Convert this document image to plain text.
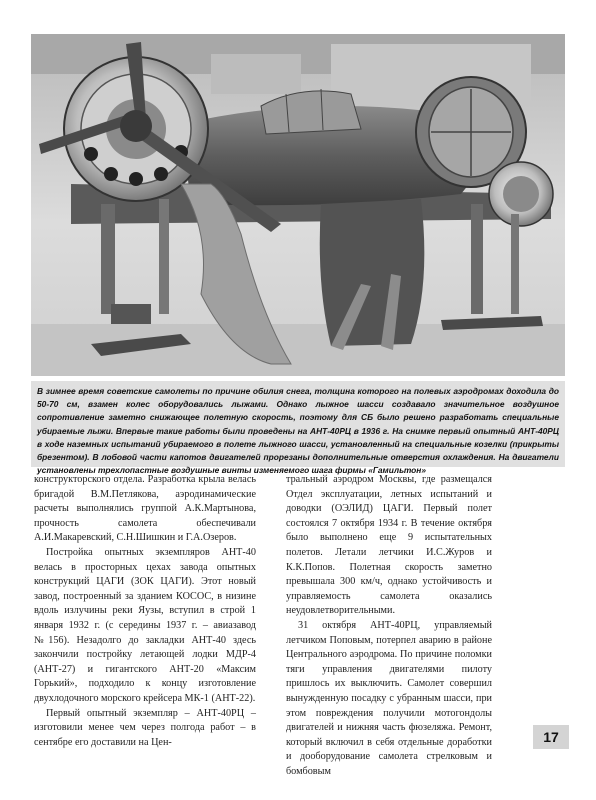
В зимнее время советские самолеты по причине обилия снега, толщина которого на полевых аэродромах доходила до 50-70 см, взамен колес оборудовались лыжами. Однако лыжное шасси создавало значительное воздушное сопротивление заметно снижающее полетную скорость, поэтому для СБ было решено разработать специальные убираемые лыжи. Впервые такие работы были проведены на АНТ-40РЦ в 1936 г. На снимке первый опытный АНТ-40РЦ в ходе наземных испытаний убираемого в полете лыжного шасси, установленный на специальные козелки (прикрыты брезентом). В лобовой части капотов двигателей прорезаны дополнительные отверстия охлаждения. На двигатели установлены трехлопастные воздушные винты изменяемого шага фирмы «Гамильтон»

конструкторского отдела. Разработка крыла велась бригадой В.М.Петлякова, аэродинамические расчеты выполнялись группой А.К.Мартынова, прочность самолета обеспечивали А.И.Макаревский, С.Н.Шишкин и Г.А.Озеров.

Постройка опытных экземпляров АНТ-40 велась в просторных цехах завода опытных конструкций ЦАГИ (ЗОК ЦАГИ). Этот новый завод, построенный за зданием КОСОС, в низине вдоль излучины реки Яузы, вступил в строй 1 января 1932 г. (с середины 1937 г. – авиазавод №156). Незадолго до закладки АНТ-40 здесь закончили постройку летающей лодки МДР-4 (АНТ-27) и гигантского АНТ-20 «Максим Горький», подходило к концу изготовление двухлодочного морского крейсера МК-1 (АНТ-22).

Первый опытный экземпляр – АНТ-40РЦ – изготовили менее чем через полгода работ – в сентябре его доставили на Цен-

тральный аэродром Москвы, где размещался Отдел эксплуатации, летных испытаний и доводки (ОЭЛИД) ЦАГИ. Первый полет состоялся 7 октября 1934 г. В течение октября было выполнено еще 9 испытательных полетов. Летали летчики И.С.Журов и К.К.Попов. Полетная скорость заметно превышала 300 км/ч, однако устойчивость и управляемость самолета оказались неудовлетворительными.

31 октября АНТ-40РЦ, управляемый летчиком Поповым, потерпел аварию в районе Центрального аэродрома. По причине поломки тяги управления двигателями пилоту пришлось их выключить. Самолет совершил вынужденную посадку с убранным шасси, при этом повреждения получили мотогондолы двигателей и нижняя часть фюзеляжа. Ремонт, который включил в себя отдельные доработки и дооборудование самолета стрелковым и бомбовым

17
